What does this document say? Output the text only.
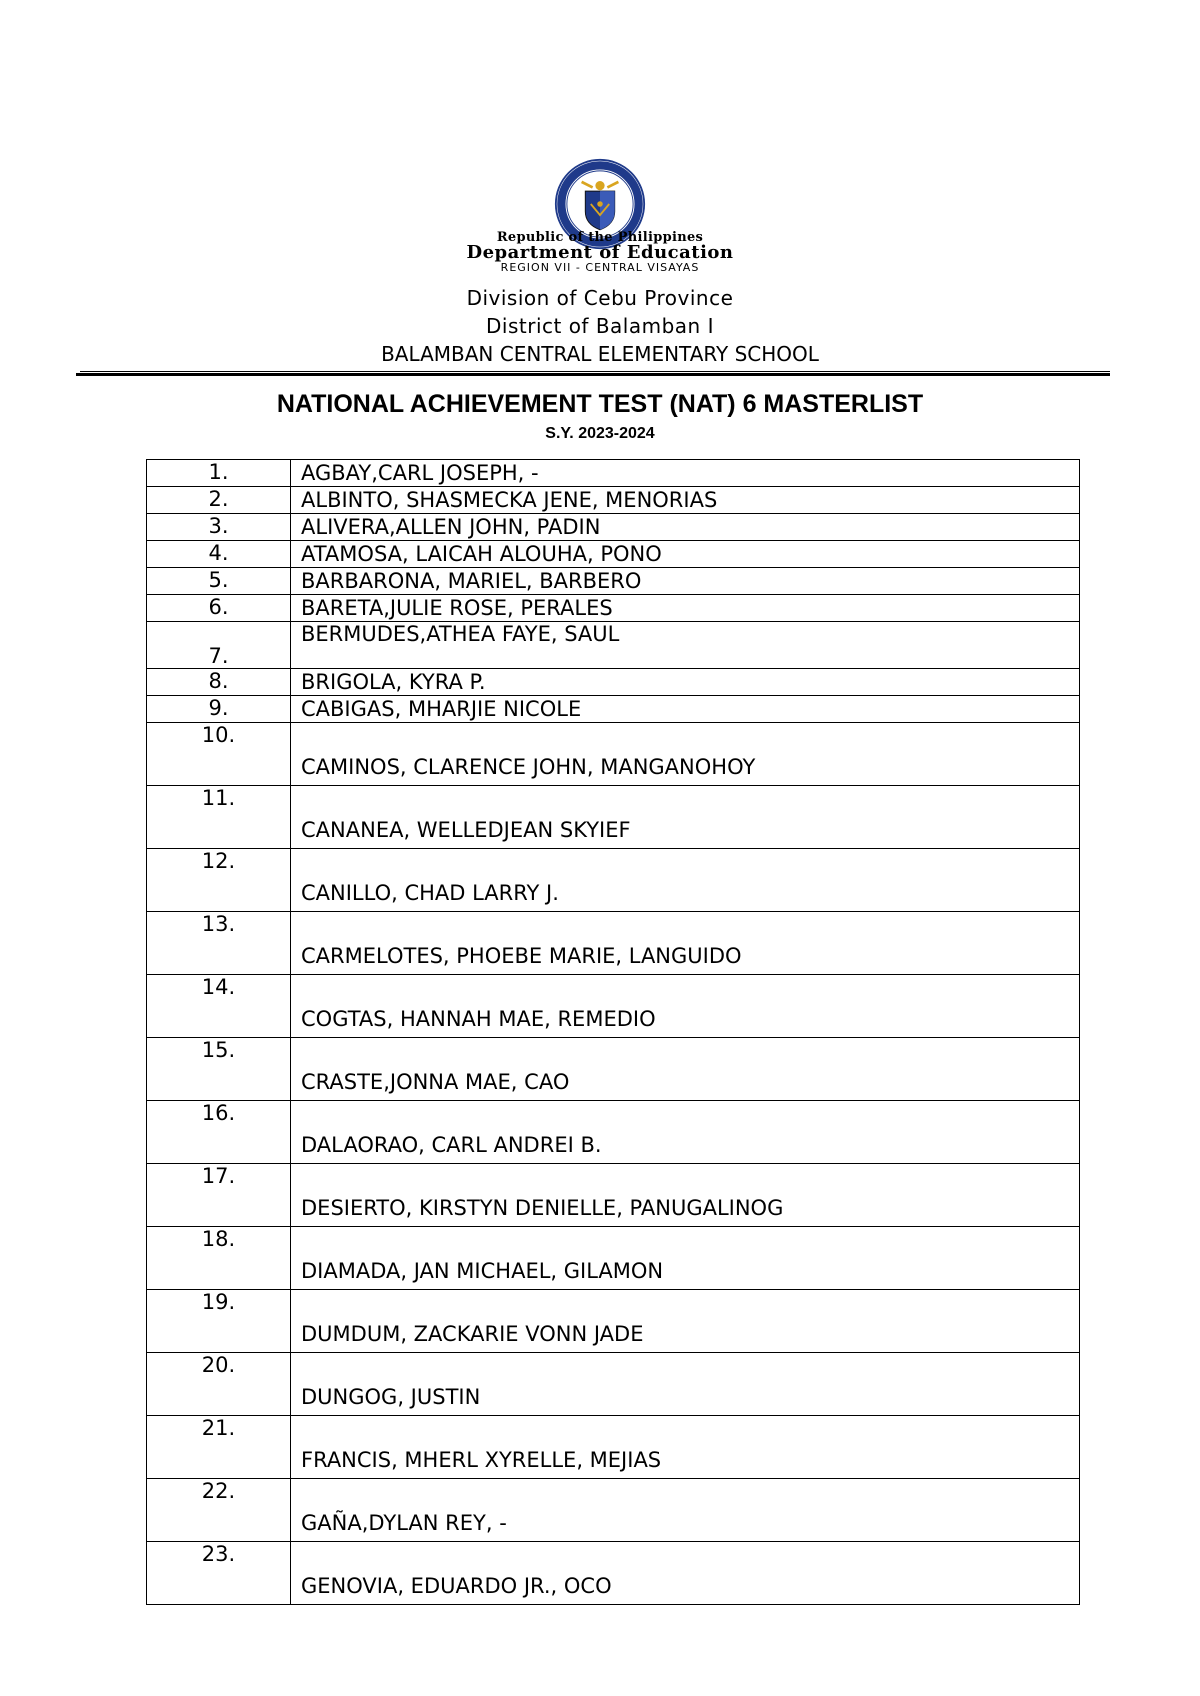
Republic of the Philippines
Department of Education
REGION VII - CENTRAL VISAYAS
Division of Cebu Province
District of Balamban I
BALAMBAN CENTRAL ELEMENTARY SCHOOL
NATIONAL ACHIEVEMENT TEST (NAT) 6 MASTERLIST
S.Y. 2023-2024
1.	AGBAY,CARL JOSEPH, -
2.	ALBINTO, SHASMECKA JENE, MENORIAS
3.	ALIVERA,ALLEN JOHN, PADIN
4.	ATAMOSA, LAICAH ALOUHA, PONO
5.	BARBARONA, MARIEL, BARBERO
6.	BARETA,JULIE ROSE, PERALES
7.	BERMUDES,ATHEA FAYE, SAUL
8.	BRIGOLA, KYRA P.
9.	CABIGAS, MHARJIE NICOLE
10.	CAMINOS, CLARENCE JOHN, MANGANOHOY
11.	CANANEA, WELLEDJEAN SKYIEF
12.	CANILLO, CHAD LARRY J.
13.	CARMELOTES, PHOEBE MARIE, LANGUIDO
14.	COGTAS, HANNAH MAE, REMEDIO
15.	CRASTE,JONNA MAE, CAO
16.	DALAORAO, CARL ANDREI B.
17.	DESIERTO, KIRSTYN DENIELLE, PANUGALINOG
18.	DIAMADA, JAN MICHAEL, GILAMON
19.	DUMDUM, ZACKARIE VONN JADE
20.	DUNGOG, JUSTIN
21.	FRANCIS, MHERL XYRELLE, MEJIAS
22.	GAÑA,DYLAN REY, -
23.	GENOVIA, EDUARDO JR., OCO
